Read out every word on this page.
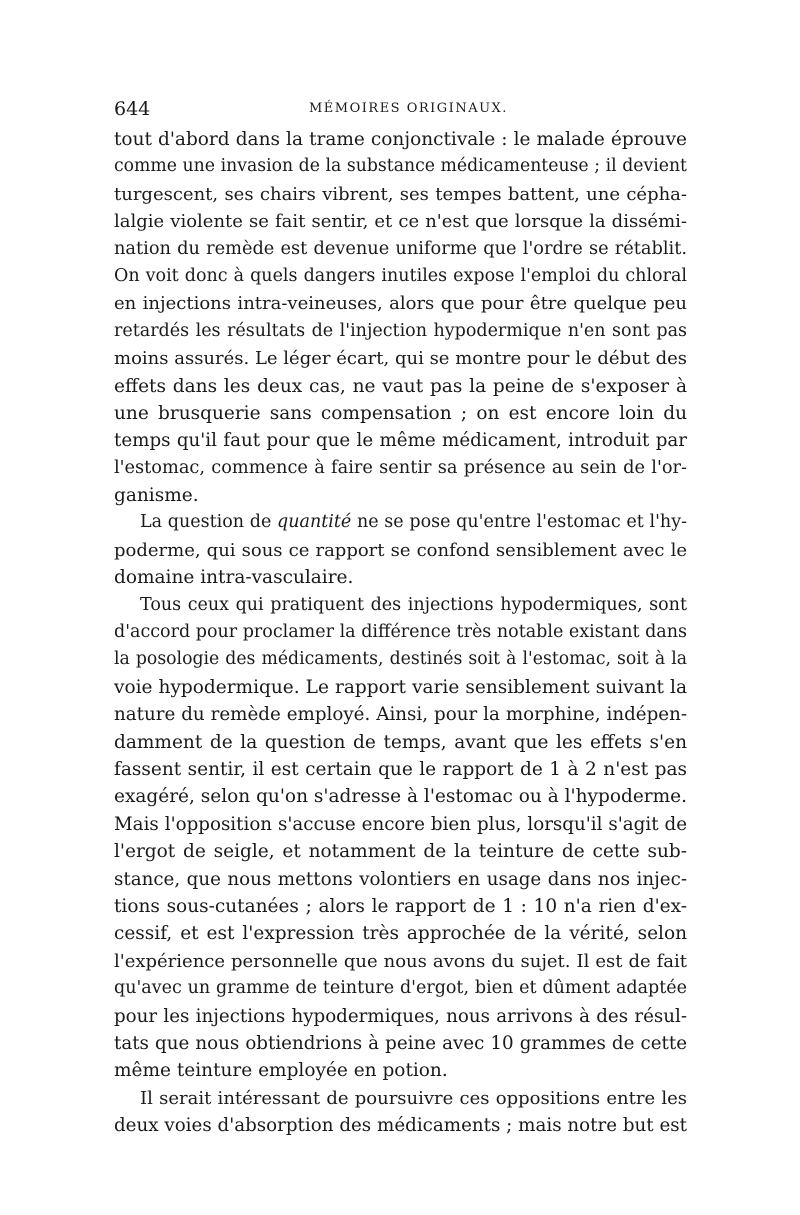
644	MÉMOIRES ORIGINAUX.
tout d'abord dans la trame conjonctivale : le malade éprouve
comme une invasion de la substance médicamenteuse ; il devient
turgescent, ses chairs vibrent, ses tempes battent, une cépha-
lalgie violente se fait sentir, et ce n'est que lorsque la dissémi-
nation du remède est devenue uniforme que l'ordre se rétablit.
On voit donc à quels dangers inutiles expose l'emploi du chloral
en injections intra-veineuses, alors que pour être quelque peu
retardés les résultats de l'injection hypodermique n'en sont pas
moins assurés. Le léger écart, qui se montre pour le début des
effets dans les deux cas, ne vaut pas la peine de s'exposer à
une brusquerie sans compensation ; on est encore loin du
temps qu'il faut pour que le même médicament, introduit par
l'estomac, commence à faire sentir sa présence au sein de l'or-
ganisme.
La question de quantité ne se pose qu'entre l'estomac et l'hy-
poderme, qui sous ce rapport se confond sensiblement avec le
domaine intra-vasculaire.
Tous ceux qui pratiquent des injections hypodermiques, sont
d'accord pour proclamer la différence très notable existant dans
la posologie des médicaments, destinés soit à l'estomac, soit à la
voie hypodermique. Le rapport varie sensiblement suivant la
nature du remède employé. Ainsi, pour la morphine, indépen-
damment de la question de temps, avant que les effets s'en
fassent sentir, il est certain que le rapport de 1 à 2 n'est pas
exagéré, selon qu'on s'adresse à l'estomac ou à l'hypoderme.
Mais l'opposition s'accuse encore bien plus, lorsqu'il s'agit de
l'ergot de seigle, et notamment de la teinture de cette sub-
stance, que nous mettons volontiers en usage dans nos injec-
tions sous-cutanées ; alors le rapport de 1 : 10 n'a rien d'ex-
cessif, et est l'expression très approchée de la vérité, selon
l'expérience personnelle que nous avons du sujet. Il est de fait
qu'avec un gramme de teinture d'ergot, bien et dûment adaptée
pour les injections hypodermiques, nous arrivons à des résul-
tats que nous obtiendrions à peine avec 10 grammes de cette
même teinture employée en potion.
Il serait intéressant de poursuivre ces oppositions entre les
deux voies d'absorption des médicaments ; mais notre but est
